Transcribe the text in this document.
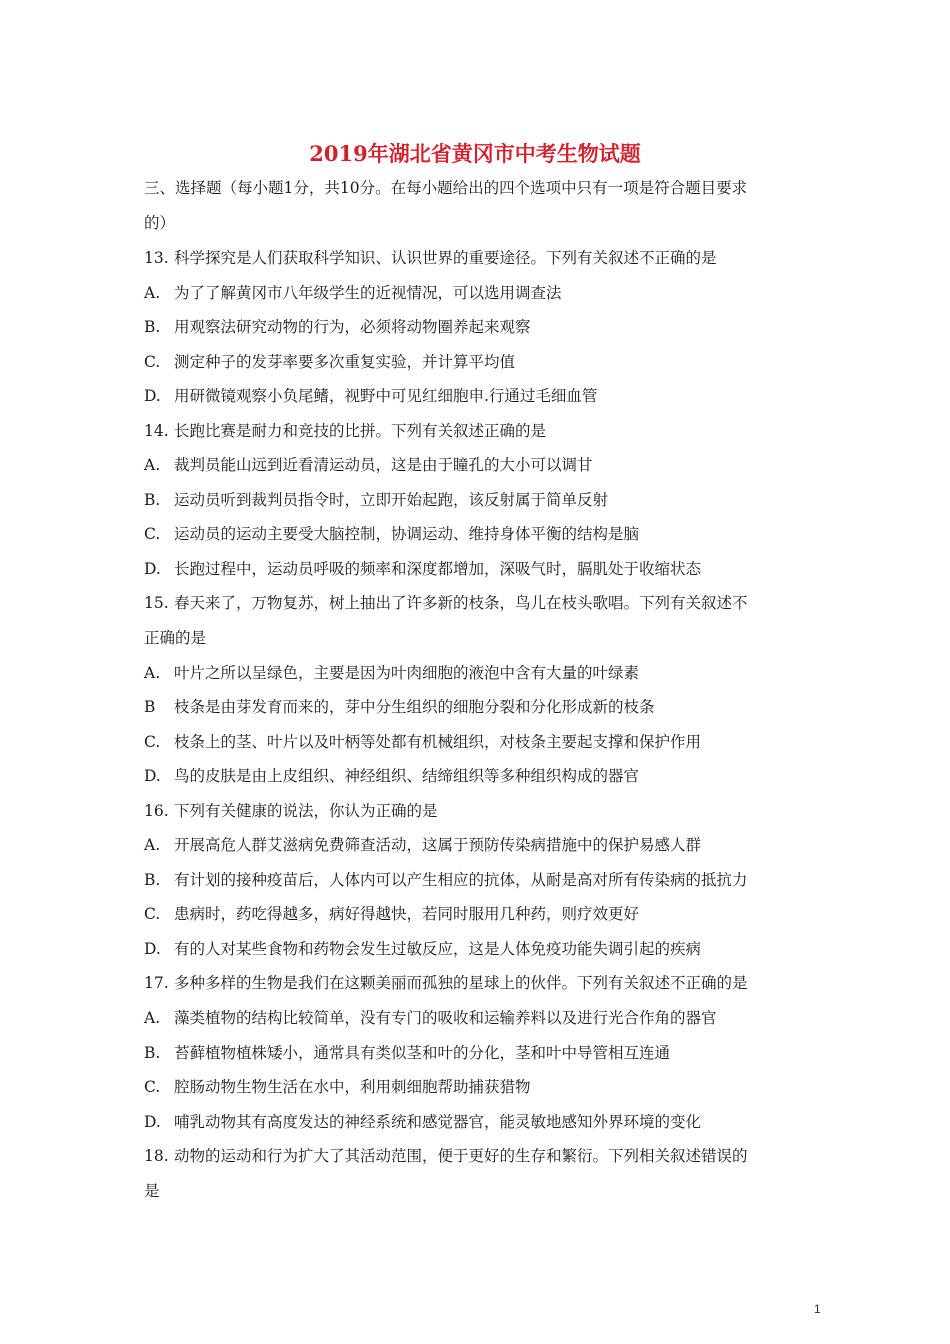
2019年湖北省黄冈市中考生物试题
三、选择题（每小题1分，共10分。在每小题给出的四个选项中只有一项是符合题目要求
的）
13. 科学探究是人们获取科学知识、认识世界的重要途径。下列有关叙述不正确的是
A. 为了了解黄冈市八年级学生的近视情况，可以选用调查法
B. 用观察法研究动物的行为，必须将动物圈养起来观察
C. 测定种子的发芽率要多次重复实验，并计算平均值
D. 用研微镜观察小负尾鳍，视野中可见红细胞申.行通过毛细血管
14. 长跑比赛是耐力和竞技的比拼。下列有关叙述正确的是
A. 裁判员能山远到近看清运动员，这是由于瞳孔的大小可以调甘
B. 运动员听到裁判员指令时，立即开始起跑，该反射属于简单反射
C. 运动员的运动主要受大脑控制，协调运动、维持身体平衡的结构是脑
D. 长跑过程中，运动员呼吸的频率和深度都增加，深吸气时，膈肌处于收缩状态
15. 春天来了，万物复苏，树上抽出了许多新的枝条，鸟儿在枝头歌唱。下列有关叙述不
正确的是
A. 叶片之所以呈绿色，主要是因为叶肉细胞的液泡中含有大量的叶绿素
B 枝条是由芽发育而来的，芽中分生组织的细胞分裂和分化形成新的枝条
C. 枝条上的茎、叶片以及叶柄等处都有机械组织，对枝条主要起支撑和保护作用
D. 鸟的皮肤是由上皮组织、神经组织、结缔组织等多种组织构成的器官
16. 下列有关健康的说法，你认为正确的是
A. 开展高危人群艾滋病免费筛查活动，这属于预防传染病措施中的保护易感人群
B. 有计划的接种疫苗后，人体内可以产生相应的抗体，从耐是高对所有传染病的抵抗力
C. 患病时，药吃得越多，病好得越快，若同时服用几种药，则疗效更好
D. 有的人对某些食物和药物会发生过敏反应，这是人体免疫功能失调引起的疾病
17. 多种多样的生物是我们在这颗美丽而孤独的星球上的伙伴。下列有关叙述不正确的是
A. 藻类植物的结构比较简单，没有专门的吸收和运输养料以及进行光合作角的器官
B. 苔藓植物植株矮小，通常具有类似茎和叶的分化，茎和叶中导管相互连通
C. 腔肠动物生物生活在水中，利用刺细胞帮助捕获猎物
D. 哺乳动物其有高度发达的神经系统和感觉器官，能灵敏地感知外界环境的变化
18. 动物的运动和行为扩大了其活动范围，便于更好的生存和繁衍。下列相关叙述错误的
是
1
